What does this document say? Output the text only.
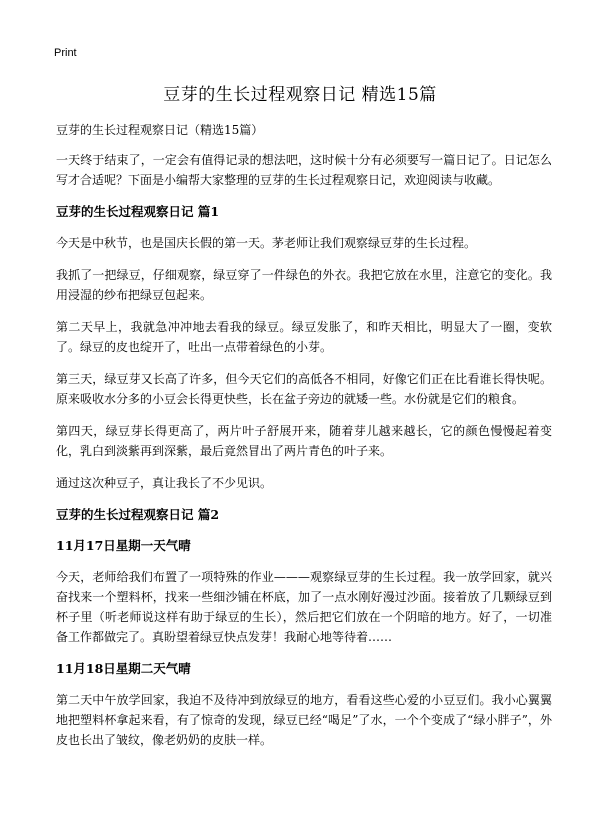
Print
豆芽的生长过程观察日记 精选15篇

豆芽的生长过程观察日记（精选15篇）

一天终于结束了，一定会有值得记录的想法吧，这时候十分有必须要写一篇日记了。日记怎么写才合适呢？下面是小编帮大家整理的豆芽的生长过程观察日记，欢迎阅读与收藏。

豆芽的生长过程观察日记 篇1

今天是中秋节，也是国庆长假的第一天。茅老师让我们观察绿豆芽的生长过程。

我抓了一把绿豆，仔细观察，绿豆穿了一件绿色的外衣。我把它放在水里，注意它的变化。我用浸湿的纱布把绿豆包起来。

第二天早上，我就急冲冲地去看我的绿豆。绿豆发胀了，和昨天相比，明显大了一圈，变软了。绿豆的皮也绽开了，吐出一点带着绿色的小芽。

第三天，绿豆芽又长高了许多，但今天它们的高低各不相同，好像它们正在比看谁长得快呢。原来吸收水分多的小豆会长得更快些，长在盆子旁边的就矮一些。水份就是它们的粮食。

第四天，绿豆芽长得更高了，两片叶子舒展开来，随着芽儿越来越长，它的颜色慢慢起着变化，乳白到淡紫再到深紫，最后竟然冒出了两片青色的叶子来。

通过这次种豆子，真让我长了不少见识。

豆芽的生长过程观察日记 篇2
11月17日星期一天气晴

今天，老师给我们布置了一项特殊的作业———观察绿豆芽的生长过程。我一放学回家，就兴奋找来一个塑料杯，找来一些细沙铺在杯底，加了一点水刚好漫过沙面。接着放了几颗绿豆到杯子里（听老师说这样有助于绿豆的生长），然后把它们放在一个阴暗的地方。好了，一切准备工作都做完了。真盼望着绿豆快点发芽！我耐心地等待着……

11月18日星期二天气晴

第二天中午放学回家，我迫不及待冲到放绿豆的地方，看看这些心爱的小豆豆们。我小心翼翼地把塑料杯拿起来看，有了惊奇的发现，绿豆已经“喝足”了水，一个个变成了“绿小胖子”，外皮也长出了皱纹，像老奶奶的皮肤一样。
